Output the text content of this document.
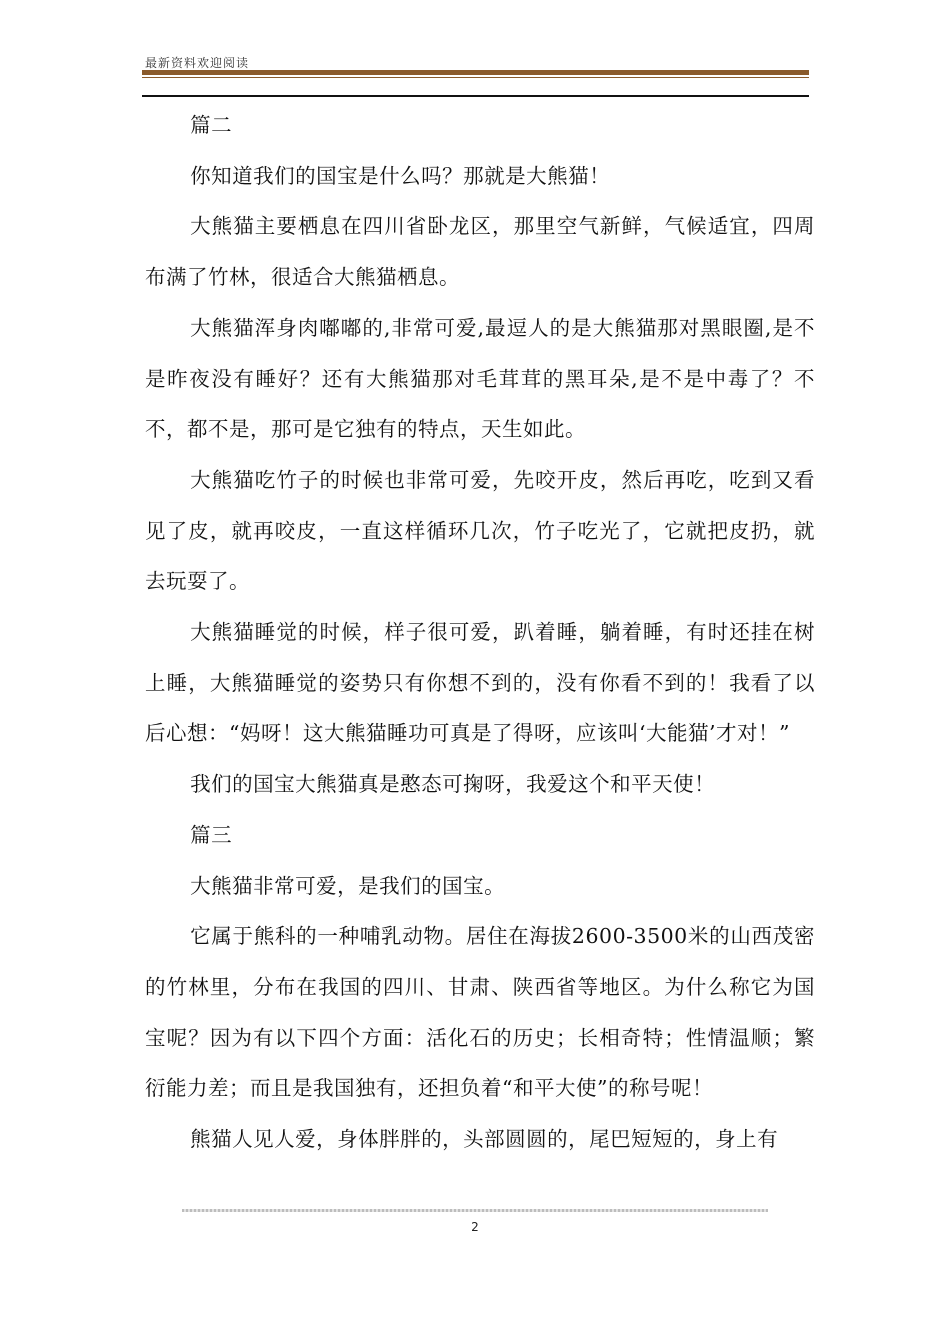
最新资料欢迎阅读

篇二

你知道我们的国宝是什么吗？那就是大熊猫！

大熊猫主要栖息在四川省卧龙区，那里空气新鲜，气候适宜，四周布满了竹林，很适合大熊猫栖息。

大熊猫浑身肉嘟嘟的,非常可爱,最逗人的是大熊猫那对黑眼圈,是不是昨夜没有睡好？还有大熊猫那对毛茸茸的黑耳朵,是不是中毒了？不不，都不是，那可是它独有的特点，天生如此。

大熊猫吃竹子的时候也非常可爱，先咬开皮，然后再吃，吃到又看见了皮，就再咬皮，一直这样循环几次，竹子吃光了，它就把皮扔，就去玩耍了。

大熊猫睡觉的时候，样子很可爱，趴着睡，躺着睡，有时还挂在树上睡，大熊猫睡觉的姿势只有你想不到的，没有你看不到的！我看了以后心想：“妈呀！这大熊猫睡功可真是了得呀，应该叫‘大能猫’才对！”

我们的国宝大熊猫真是憨态可掬呀，我爱这个和平天使！

篇三

大熊猫非常可爱，是我们的国宝。

它属于熊科的一种哺乳动物。居住在海拔2600-3500米的山西茂密的竹林里，分布在我国的四川、甘肃、陕西省等地区。为什么称它为国宝呢？因为有以下四个方面：活化石的历史；长相奇特；性情温顺；繁衍能力差；而且是我国独有，还担负着“和平大使”的称号呢！

熊猫人见人爱，身体胖胖的，头部圆圆的，尾巴短短的，身上有

2
